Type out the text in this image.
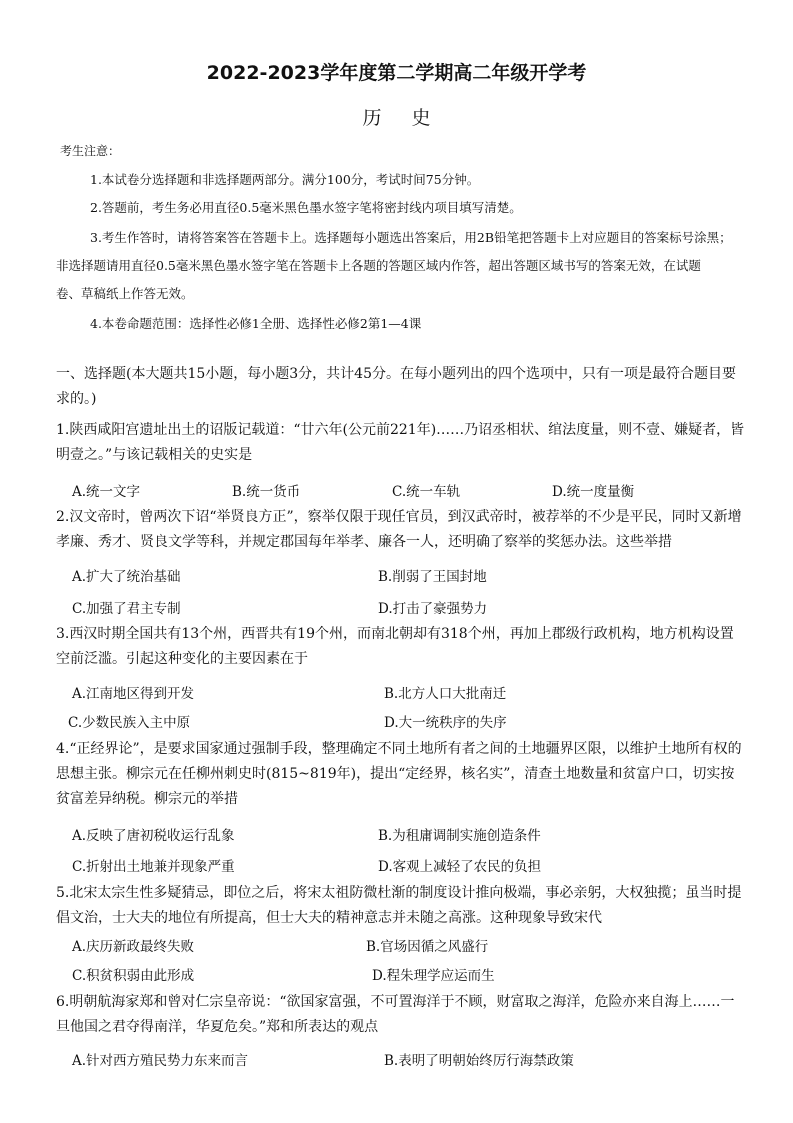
2022-2023学年度第二学期高二年级开学考
历史
考生注意：
1.本试卷分选择题和非选择题两部分。满分100分，考试时间75分钟。
2.答题前，考生务必用直径0.5毫米黑色墨水签字笔将密封线内项目填写清楚。
3.考生作答时，请将答案答在答题卡上。选择题每小题选出答案后，用2B铅笔把答题卡上对应题目的答案标号涂黑；
非选择题请用直径0.5毫米黑色墨水签字笔在答题卡上各题的答题区域内作答，超出答题区域书写的答案无效，在试题
卷、草稿纸上作答无效。
4.本卷命题范围：选择性必修1全册、选择性必修2第1—4课
一、选择题(本大题共15小题，每小题3分，共计45分。在每小题列出的四个选项中，只有一项是最符合题目要求的。)
1.陕西咸阳宫遗址出土的诏版记载道：“廿六年(公元前221年)……乃诏丞相状、绾法度量，则不壹、嫌疑者，皆明壹之。”与该记载相关的史实是
A.统一文字	B.统一货币	C.统一车轨	D.统一度量衡
2.汉文帝时，曾两次下诏“举贤良方正”，察举仅限于现任官员，到汉武帝时，被荐举的不少是平民，同时又新增孝廉、秀才、贤良文学等科，并规定郡国每年举孝、廉各一人，还明确了察举的奖惩办法。这些举措
A.扩大了统治基础	B.削弱了王国封地
C.加强了君主专制	D.打击了豪强势力
3.西汉时期全国共有13个州，西晋共有19个州，而南北朝却有318个州，再加上郡级行政机构，地方机构设置空前泛滥。引起这种变化的主要因素在于
A.江南地区得到开发	B.北方人口大批南迁
C.少数民族入主中原	D.大一统秩序的失序
4.“正经界论”，是要求国家通过强制手段，整理确定不同土地所有者之间的土地疆界区限，以维护土地所有权的思想主张。柳宗元在任柳州刺史时(815~819年)，提出“定经界，核名实”，清查土地数量和贫富户口，切实按贫富差异纳税。柳宗元的举措
A.反映了唐初税收运行乱象	B.为租庸调制实施创造条件
C.折射出土地兼并现象严重	D.客观上减轻了农民的负担
5.北宋太宗生性多疑猜忌，即位之后，将宋太祖防微杜渐的制度设计推向极端，事必亲躬，大权独揽；虽当时提倡文治，士大夫的地位有所提高，但士大夫的精神意志并未随之高涨。这种现象导致宋代
A.庆历新政最终失败	B.官场因循之风盛行
C.积贫积弱由此形成	D.程朱理学应运而生
6.明朝航海家郑和曾对仁宗皇帝说：“欲国家富强，不可置海洋于不顾，财富取之海洋，危险亦来自海上……一旦他国之君夺得南洋，华夏危矣。”郑和所表达的观点
A.针对西方殖民势力东来而言	B.表明了明朝始终厉行海禁政策
